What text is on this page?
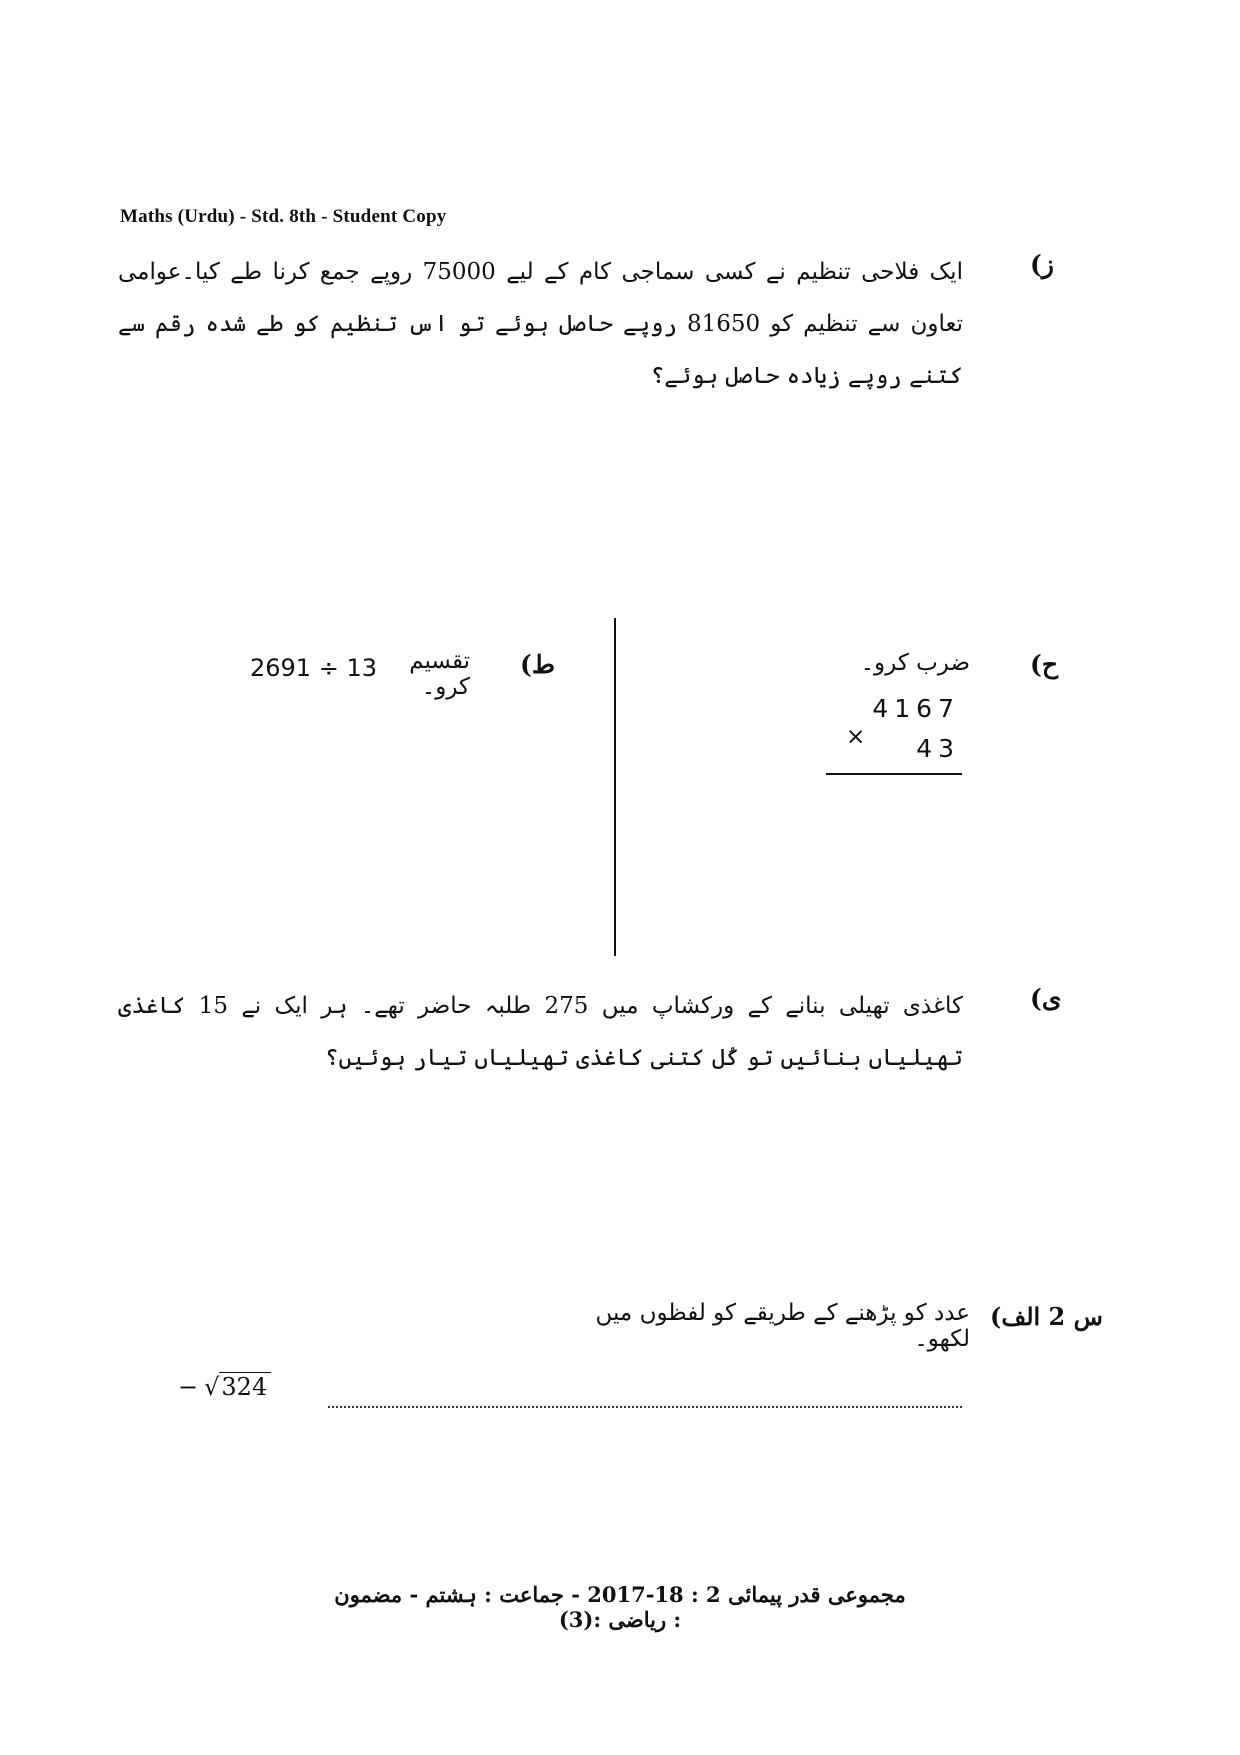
Maths (Urdu) - Std. 8th - Student Copy
ز)
ایک فلاحی تنظیم نے کسی سماجی کام کے لیے 75000 روپے جمع کرنا طے کیا۔عوامی تعاون سے تنظیم کو 81650 روپے حاصل ہوئے تو اس تنظیم کو طے شدہ رقم سے کتنے روپے زیادہ حاصل ہوئے؟
ح)
ضرب کرو۔
4167
×	43
ط)
تقسیم کرو۔
2691 ÷ 13
ی)
کاغذی تھیلی بنانے کے ورکشاپ میں 275 طلبہ حاضر تھے۔ ہر ایک نے 15 کاغذی تھیلیاں بنائیں تو کُل کتنی کاغذی تھیلیاں تیار ہوئیں؟
س 2 الف)
عدد کو پڑھنے کے طریقے کو لفظوں میں لکھو۔
− √324
مجموعی قدر پیمائی 2 : 18-2017 - جماعت : ہشتم - مضمون : ریاضی :(3)
